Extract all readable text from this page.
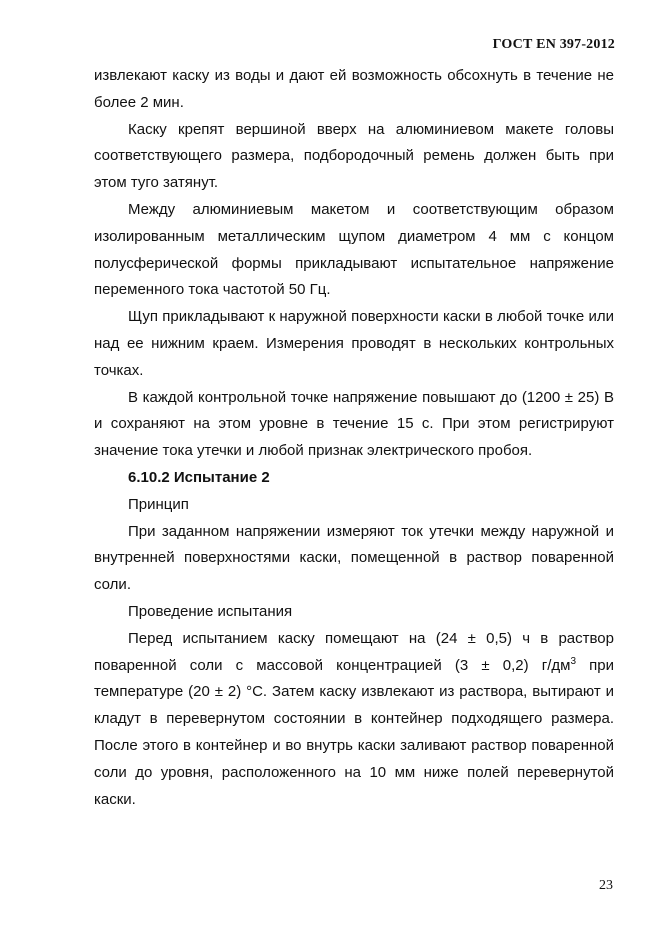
ГОСТ EN 397-2012

извлекают каску из воды и дают ей возможность обсохнуть в течение не более 2 мин.

Каску крепят вершиной вверх на алюминиевом макете головы соответствующего размера, подбородочный ремень должен быть при этом туго затянут.

Между алюминиевым макетом и соответствующим образом изолированным металлическим щупом диаметром 4 мм с концом полусферической формы прикладывают испытательное напряжение переменного тока частотой 50 Гц.

Щуп прикладывают к наружной поверхности каски в любой точке или над ее нижним краем. Измерения проводят в нескольких контрольных точках.

В каждой контрольной точке напряжение повышают до (1200 ± 25) В и сохраняют на этом уровне в течение 15 с. При этом регистрируют значение тока утечки и любой признак электрического пробоя.

6.10.2 Испытание 2

Принцип

При заданном напряжении измеряют ток утечки между наружной и внутренней поверхностями каски, помещенной в раствор поваренной соли.

Проведение испытания

Перед испытанием каску помещают на (24 ± 0,5) ч в раствор поваренной соли с массовой концентрацией (3 ± 0,2) $г/дм^3$ при температуре (20 ± 2) °С. Затем каску извлекают из раствора, вытирают и кладут в перевернутом состоянии в контейнер подходящего размера. После этого в контейнер и во внутрь каски заливают раствор поваренной соли до уровня, расположенного на 10 мм ниже полей перевернутой каски.

23
